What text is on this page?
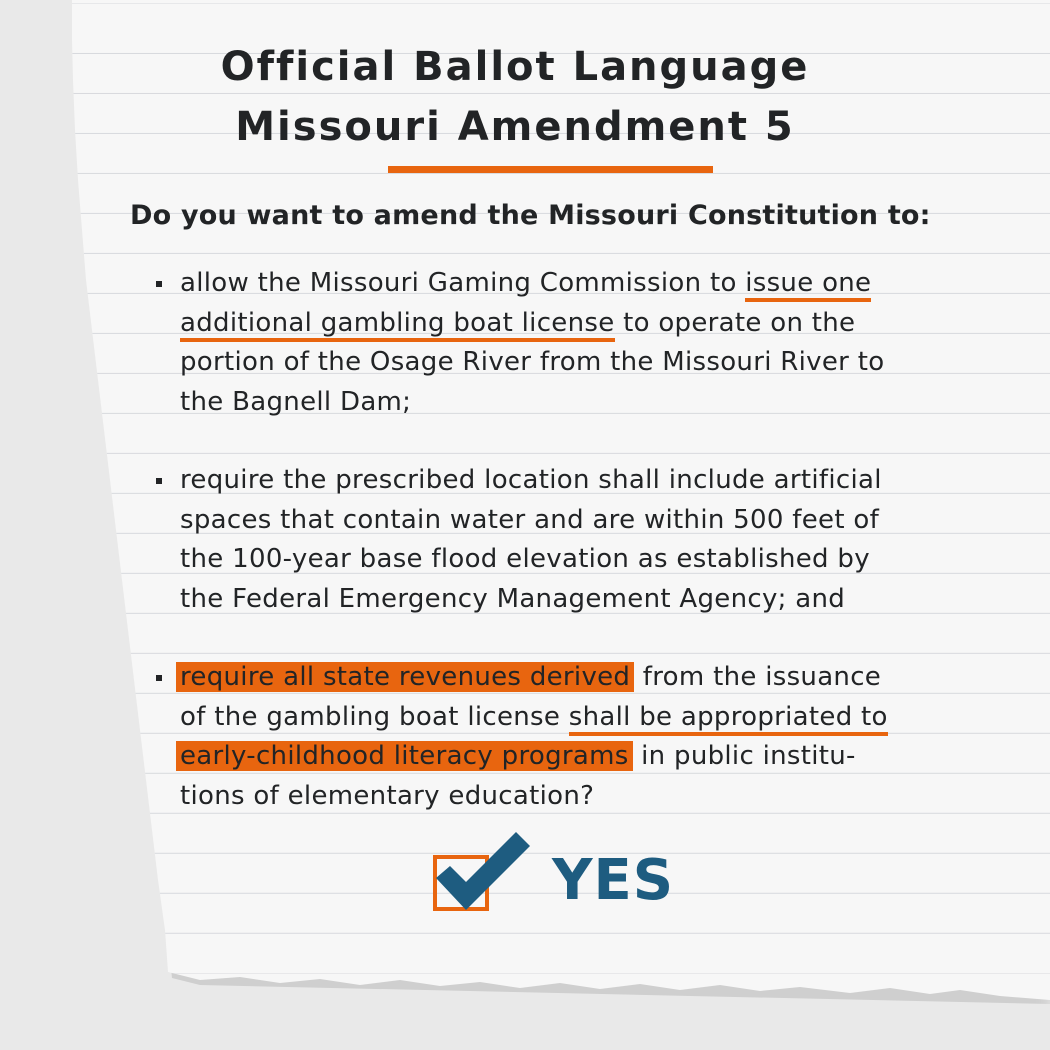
Official Ballot Language
Missouri Amendment 5
Do you want to amend the Missouri Constitution to:
allow the Missouri Gaming Commission to issue one
additional gambling boat license to operate on the
portion of the Osage River from the Missouri River to
the Bagnell Dam;
require the prescribed location shall include artificial
spaces that contain water and are within 500 feet of
the 100-year base flood elevation as established by
the Federal Emergency Management Agency; and
require all state revenues derived from the issuance
of the gambling boat license shall be appropriated to
early-childhood literacy programs in public institu-
tions of elementary education?
YES
